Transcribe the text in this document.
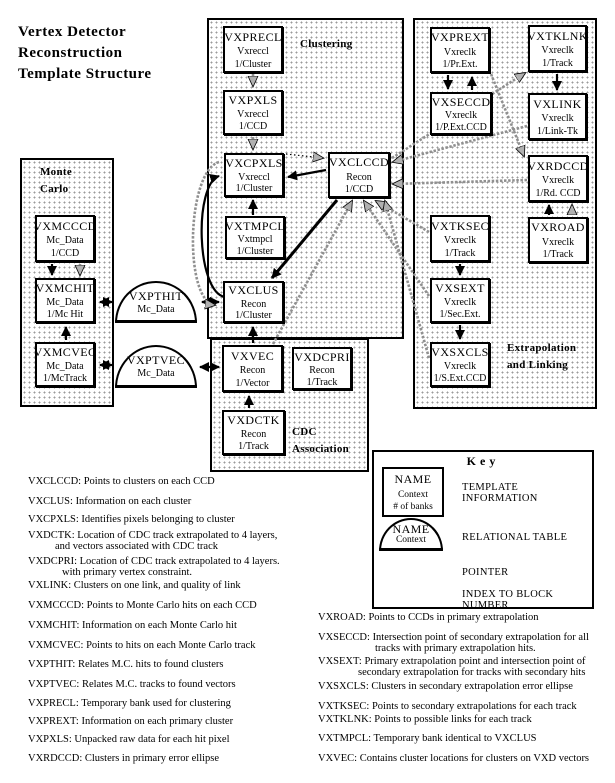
Vertex Detector Reconstruction Template Structure
Clustering
Monte Carlo
Extrapolation and Linking
CDC Association
VXPRECL
Vxreccl
1/Cluster
VXPXLS
Vxreccl
1/CCD
VXCPXLS
Vxreccl
1/Cluster
VXCLCCD
Recon
1/CCD
VXTMPCL
Vxtmpcl
1/Cluster
VXCLUS
Recon
1/Cluster
VXPREXT
Vxreclk
1/Pr.Ext.
VXTKLNK
Vxreclk
1/Track
VXSECCD
Vxreclk
1/P.Ext.CCD
VXLINK
Vxreclk
1/Link-Tk
VXRDCCD
Vxreclk
1/Rd. CCD
VXROAD
Vxreclk
1/Track
VXTKSEC
Vxreclk
1/Track
VXSEXT
Vxreclk
1/Sec.Ext.
VXSXCLS
Vxreclk
1/S.Ext.CCD
VXMCCCD
Mc_Data
1/CCD
VXMCHIT
Mc_Data
1/Mc Hit
VXMCVEC
Mc_Data
1/McTrack
VXVEC
Recon
1/Vector
VXDCPRI
Recon
1/Track
VXDCTK
Recon
1/Track
VXPTHIT
Mc_Data
VXPTVEC
Mc_Data
Key
NAME
Context
# of banks
TEMPLATE INFORMATION
NAME
Context	RELATIONAL TABLE
POINTER
INDEX TO BLOCK NUMBER
VXCLCCD: Points to clusters on each CCD
VXCLUS: Information on each cluster
VXCPXLS: Identifies pixels belonging to cluster
VXDCTK: Location of CDC track extrapolated to 4 layers,
and vectors associated with CDC track
VXDCPRI: Location of CDC track extrapolated to 4 layers.
with primary vertex constraint.
VXLINK: Clusters on one link, and quality of link
VXMCCCD: Points to Monte Carlo hits on each CCD
VXMCHIT: Information on each Monte Carlo hit
VXMCVEC: Points to hits on each Monte Carlo track
VXPTHIT: Relates M.C. hits to found clusters
VXPTVEC: Relates M.C. tracks to found vectors
VXPRECL: Temporary bank used for clustering
VXPREXT: Information on each primary cluster
VXPXLS: Unpacked raw data for each hit pixel
VXRDCCD: Clusters in primary error ellipse
VXROAD: Points to CCDs in primary extrapolation
VXSECCD: Intersection point of secondary extrapolation for all
tracks with primary extrapolation hits.
VXSEXT: Primary extrapolation point and intersection point of
secondary extrapolation for tracks with secondary hits
VXSXCLS: Clusters in secondary extrapolation error ellipse
VXTKSEC: Points to secondary extrapolations for each track
VXTKLNK: Points to possible links for each track
VXTMPCL: Temporary bank identical to VXCLUS
VXVEC: Contains cluster locations for clusters on VXD vectors
